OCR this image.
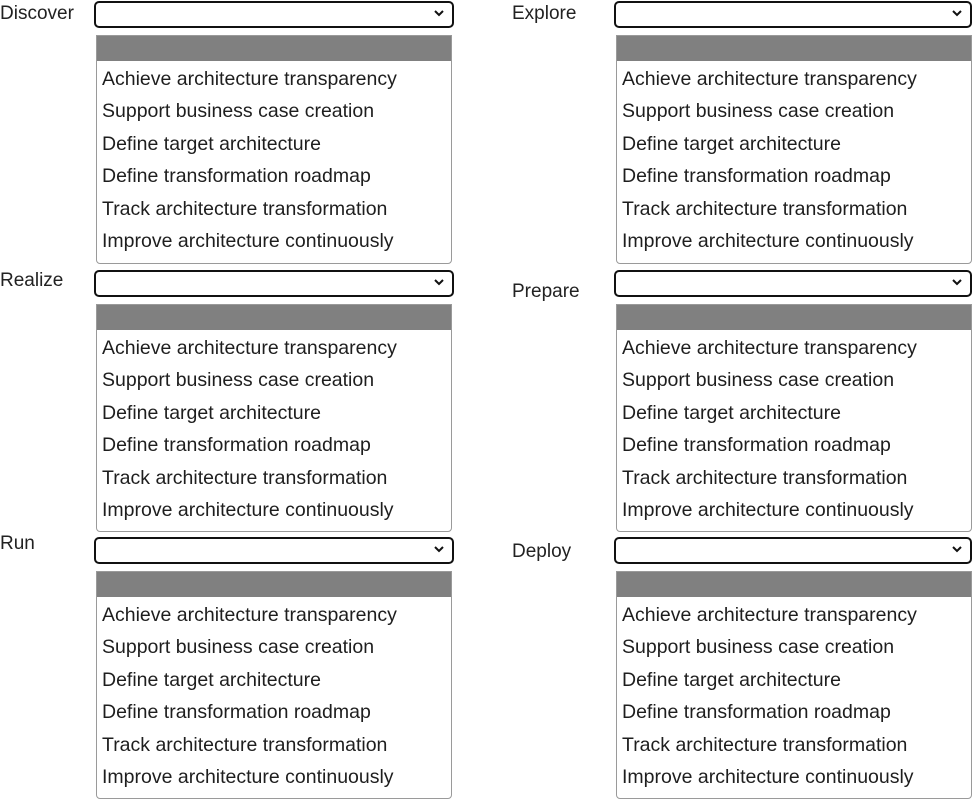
Discover
Achieve architecture transparency
Support business case creation
Define target architecture
Define transformation roadmap
Track architecture transformation
Improve architecture continuously
Explore
Achieve architecture transparency
Support business case creation
Define target architecture
Define transformation roadmap
Track architecture transformation
Improve architecture continuously
Realize
Achieve architecture transparency
Support business case creation
Define target architecture
Define transformation roadmap
Track architecture transformation
Improve architecture continuously
Prepare
Achieve architecture transparency
Support business case creation
Define target architecture
Define transformation roadmap
Track architecture transformation
Improve architecture continuously
Run
Achieve architecture transparency
Support business case creation
Define target architecture
Define transformation roadmap
Track architecture transformation
Improve architecture continuously
Deploy
Achieve architecture transparency
Support business case creation
Define target architecture
Define transformation roadmap
Track architecture transformation
Improve architecture continuously
